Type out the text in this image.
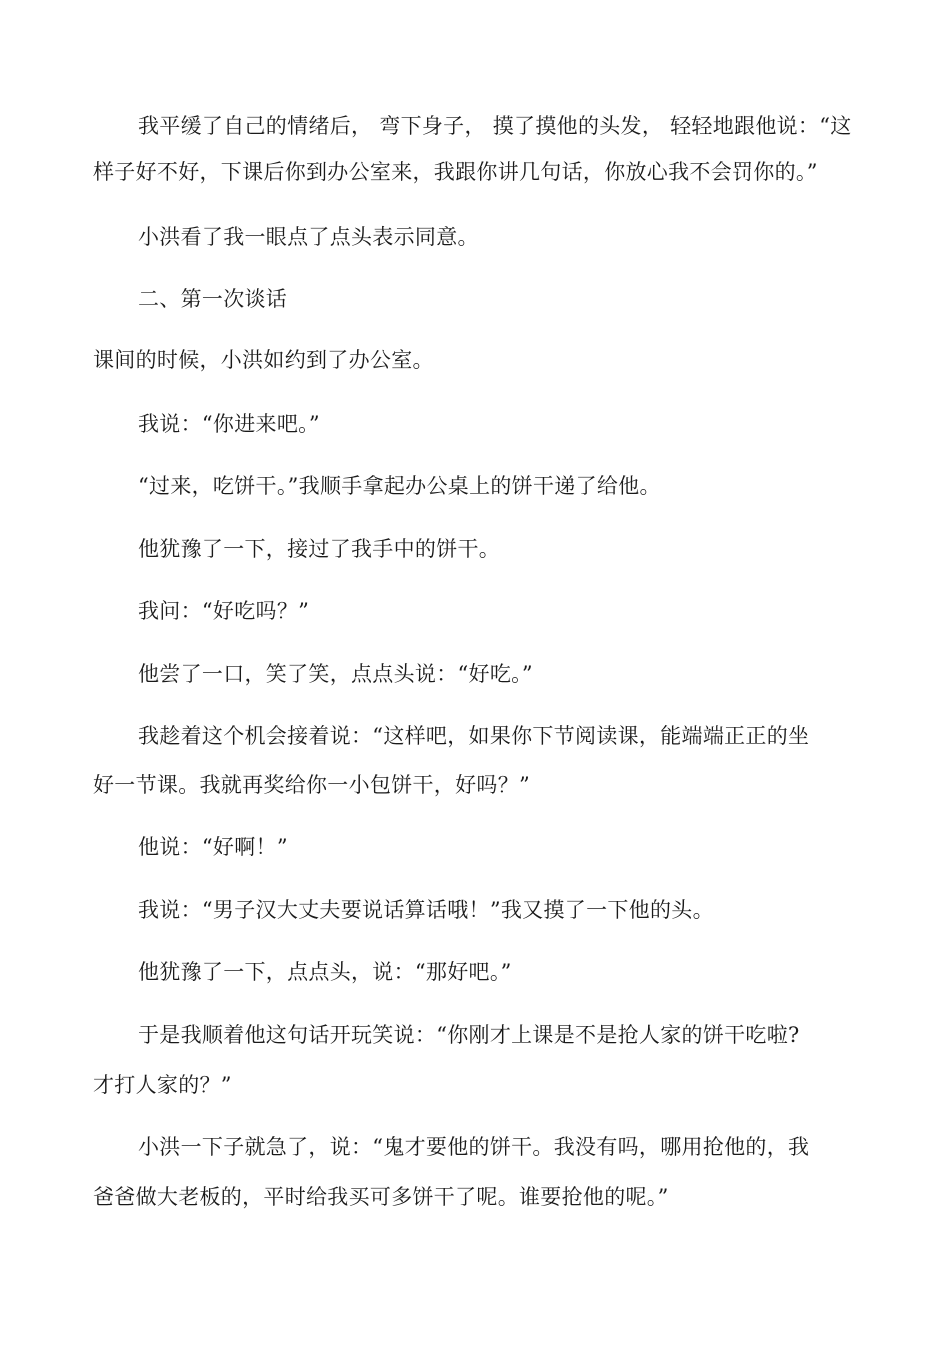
我平缓了自己的情绪后， 弯下身子， 摸了摸他的头发， 轻轻地跟他说：“这
样子好不好，下课后你到办公室来，我跟你讲几句话，你放心我不会罚你的。”
小洪看了我一眼点了点头表示同意。
二、第一次谈话
课间的时候，小洪如约到了办公室。
我说：“你进来吧。”
“过来，吃饼干。”我顺手拿起办公桌上的饼干递了给他。
他犹豫了一下，接过了我手中的饼干。
我问：“好吃吗？”
他尝了一口，笑了笑，点点头说：“好吃。”
我趁着这个机会接着说：“这样吧，如果你下节阅读课，能端端正正的坐
好一节课。我就再奖给你一小包饼干，好吗？”
他说：“好啊！”
我说：“男子汉大丈夫要说话算话哦！”我又摸了一下他的头。
他犹豫了一下，点点头，说：“那好吧。”
于是我顺着他这句话开玩笑说：“你刚才上课是不是抢人家的饼干吃啦?
才打人家的？”
小洪一下子就急了，说：“鬼才要他的饼干。我没有吗，哪用抢他的，我
爸爸做大老板的，平时给我买可多饼干了呢。谁要抢他的呢。”
